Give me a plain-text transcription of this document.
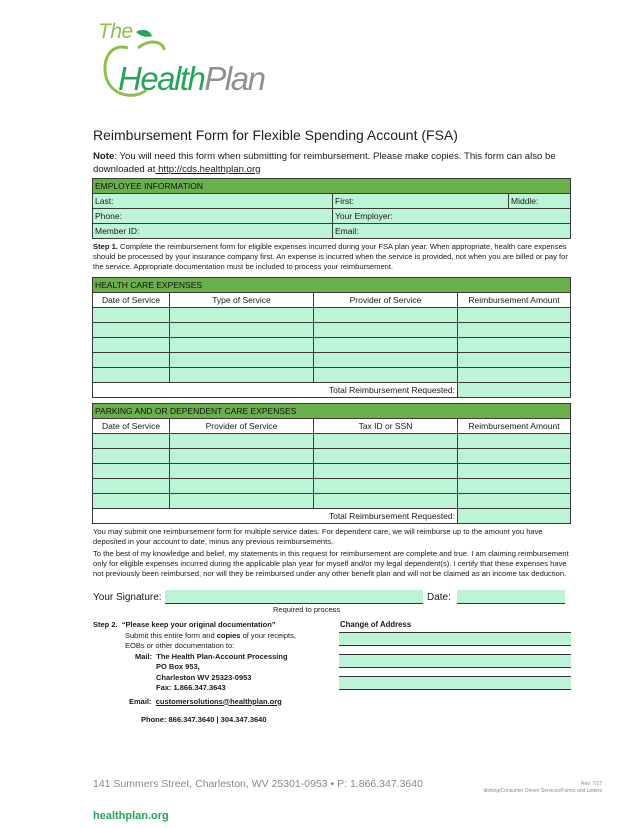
The
HealthPlan
Reimbursement Form for Flexible Spending Account (FSA)
Note: You will need this form when submitting for reimbursement. Please make copies. This form can also be downloaded at http://cds.healthplan.org
EMPLOYEE INFORMATION		
Last:	First:	Middle:
Phone:	Your Employer:	
Member ID:	Email:	
Step 1. Complete the reimbursement form for eligible expenses incurred during your FSA plan year. When appropriate, health care expenses should be processed by your insurance company first. An expense is incurred when the service is provided, not when you are billed or pay for the service. Appropriate documentation must be included to process your reimbursement.
HEALTH CARE EXPENSES			
Date of Service	Type of Service	Provider of Service	Reimbursement Amount

Total Reimbursement Requested:			
PARKING AND OR DEPENDENT CARE EXPENSES			
Date of Service	Provider of Service	Tax ID or SSN	Reimbursement Amount

Total Reimbursement Requested:			
You may submit one reimbursement form for multiple service dates. For dependent care, we will reimburse up to the amount you have deposited in your account to date, minus any previous reimbursements.
To the best of my knowledge and belief, my statements in this request for reimbursement are complete and true. I am claiming reimbursement only for eligible expenses incurred during the applicable plan year for myself and/or my legal dependent(s). I certify that these expenses have not previously been reimbursed, nor will they be reimbursed under any other benefit plan and will not be claimed as an income tax deduction.
Your Signature:	Date:
Required to process
Step 2. “Please keep your original documentation”
Submit this entire form and copies of your receipts,
EOBs or other documentation to:
Mail: The Health Plan-Account Processing
PO Box 953,
Charleston WV 25323-0953
Fax: 1.866.347.3643
Email: customersolutions@healthplan.org
Phone: 866.347.3640 | 304.347.3640
Change of Address
141 Summers Street, Charleston, WV 25301-0953 • P: 1.866.347.3640	Rev. 7/17
dlshing/Consumer Driven Services/Forms and Letters
healthplan.org
